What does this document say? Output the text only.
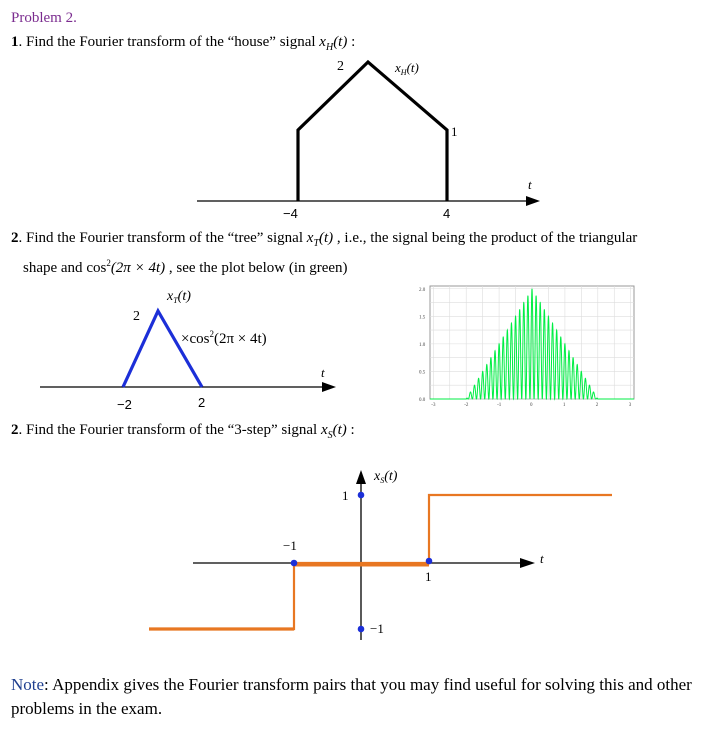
Problem 2.
1. Find the Fourier transform of the “house” signal $x_H(t)$ :
2
1
−4	4
t
$x_H(t)$
2
−2	2
t
$x_T(t)$
$\times\cos^2(2\pi \times 4t)$
$x_S(t)$
1
−1
−1
1
t
2. Find the Fourier transform of the “tree” signal $x_T(t)$ , i.e., the signal being the product of the triangular
shape and $\cos^2(2\pi \times 4t)$ , see the plot below (in green)
0.0
0.5
1.0
1.5
2.0
-3	-2	-1	0	1	2	3
2. Find the Fourier transform of the “3-step” signal $x_S(t)$ :
Note: Appendix gives the Fourier transform pairs that you may find useful for solving this and other problems in the exam.
